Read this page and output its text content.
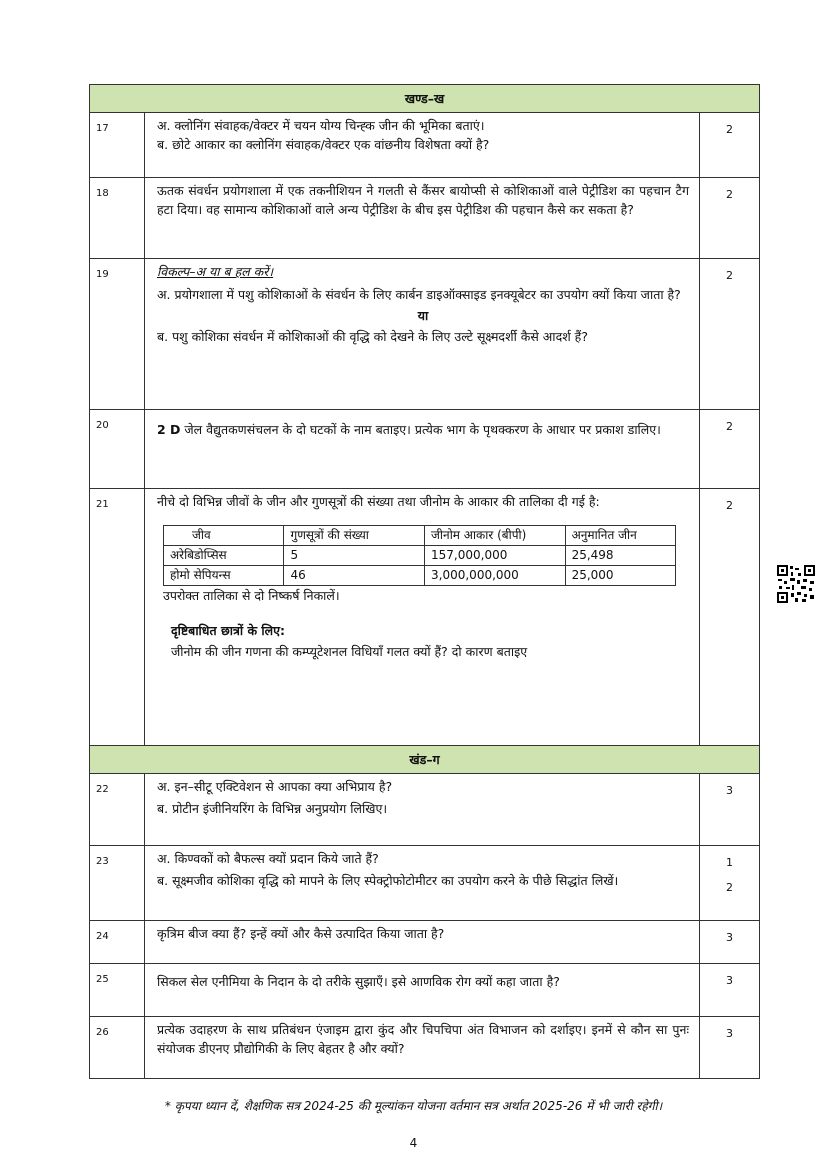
खण्ड–ख
17	अ. क्लोनिंग संवाहक/वेक्टर में चयन योग्य चिन्ह्क जीन की भूमिका बताएं।

ब. छोटे आकार का क्लोनिंग संवाहक/वेक्टर एक वांछनीय विशेषता क्यों है?

	2
18	ऊतक संवर्धन प्रयोगशाला में एक तकनीशियन ने गलती से कैंसर बायोप्सी से कोशिकाओं वाले पेट्रीडिश का पहचान टैग हटा दिया। वह सामान्य कोशिकाओं वाले अन्य पेट्रीडिश के बीच इस पेट्रीडिश की पहचान कैसे कर सकता है?	2
19	विकल्प–अ या ब हल करें।

अ. प्रयोगशाला में पशु कोशिकाओं के संवर्धन के लिए कार्बन डाइऑक्साइड इनक्यूबेटर का उपयोग क्यों किया जाता है?

या

ब. पशु कोशिका संवर्धन में कोशिकाओं की वृद्धि को देखने के लिए उल्टे सूक्ष्मदर्शी कैसे आदर्श हैं?

	2
20	2 D जेल वैद्युतकणसंचलन के दो घटकों के नाम बताइए। प्रत्येक भाग के पृथक्करण के आधार पर प्रकाश डालिए।	2
21	नीचे दो विभिन्न जीवों के जीन और गुणसूत्रों की संख्या तथा जीनोम के आकार की तालिका दी गई है:

जीव	गुणसूत्रों की संख्या	जीनोम आकार (बीपी)	अनुमानित जीन
अरेबिडोप्सिस	5	157,000,000	25,498
होमो सेपियन्स	46	3,000,000,000	25,000

उपरोक्त तालिका से दो निष्कर्ष निकालें।

दृष्टिबाधित छात्रों के लिए:

जीनोम की जीन गणना की कम्प्यूटेशनल विधियाँ गलत क्यों हैं? दो कारण बताइए

	2
खंड–ग
22	अ. इन–सीटू एक्टिवेशन से आपका क्या अभिप्राय है?

ब. प्रोटीन इंजीनियरिंग के विभिन्न अनुप्रयोग लिखिए।

	3
23	अ. किण्वकों को बैफल्स क्यों प्रदान किये जाते हैं?

ब. सूक्ष्मजीव कोशिका वृद्धि को मापने के लिए स्पेक्ट्रोफोटोमीटर का उपयोग करने के पीछे सिद्धांत लिखें।

1
2

24	कृत्रिम बीज क्या हैं? इन्हें क्यों और कैसे उत्पादित किया जाता है?	3
25	सिकल सेल एनीमिया के निदान के दो तरीके सुझाएँ। इसे आणविक रोग क्यों कहा जाता है?	3
26	प्रत्येक उदाहरण के साथ प्रतिबंधन एंजाइम द्वारा कुंद और चिपचिपा अंत विभाजन को दर्शाइए। इनमें से कौन सा पुनः संयोजक डीएनए प्रौद्योगिकी के लिए बेहतर है और क्यों?	3
* कृपया ध्यान दें, शैक्षणिक सत्र 2024-25 की मूल्यांकन योजना वर्तमान सत्र अर्थात 2025-26 में भी जारी रहेगी।
4
